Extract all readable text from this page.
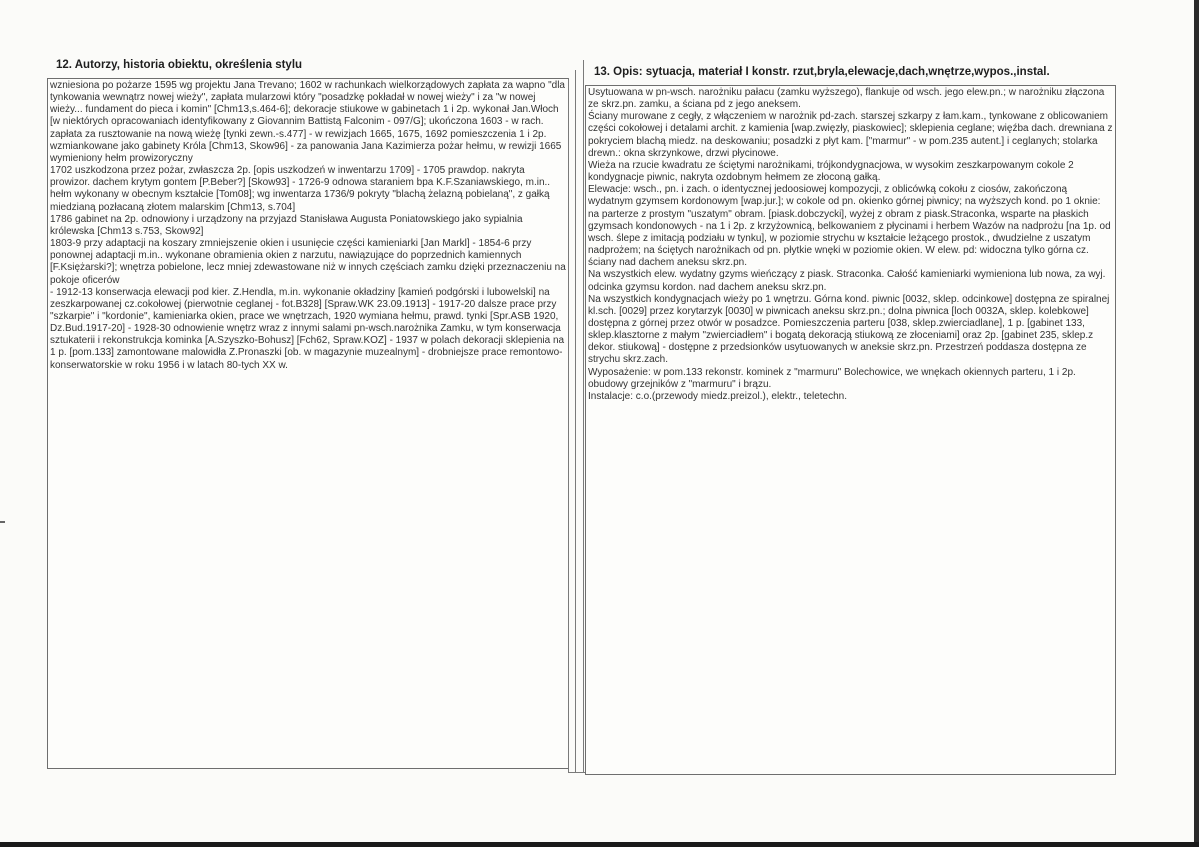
12. Autorzy, historia obiektu, określenia stylu

wzniesiona po pożarze 1595 wg projektu Jana Trevano; 1602 w rachunkach wielkorządowych zapłata za wapno "dla tynkowania wewnątrz nowej wieży", zapłata mularzowi który "posadzkę pokładał w nowej wieży" i za "w nowej wieży... fundament do pieca i komin" [Chm13,s.464-6]; dekoracje stiukowe w gabinetach 1 i 2p. wykonał Jan.Włoch [w niektórych opracowaniach identyfikowany z Giovannim Battistą Falconim - 097/G]; ukończona 1603 - w rach. zapłata za rusztowanie na nową wieżę [tynki zewn.-s.477] - w rewizjach 1665, 1675, 1692 pomieszczenia 1 i 2p. wzmiankowane jako gabinety Króla [Chm13, Skow96] - za panowania Jana Kazimierza pożar hełmu, w rewizji 1665 wymieniony hełm prowizoryczny

1702 uszkodzona przez pożar, zwłaszcza 2p. [opis uszkodzeń w inwentarzu 1709] - 1705 prawdop. nakryta prowizor. dachem krytym gontem [P.Beber?] [Skow93] - 1726-9 odnowa staraniem bpa K.F.Szaniawskiego, m.in.. hełm wykonany w obecnym kształcie [Tom08]; wg inwentarza 1736/9 pokryty "blachą żelazną pobielaną", z gałką miedzianą pozłacaną złotem malarskim [Chm13, s.704]

1786 gabinet na 2p. odnowiony i urządzony na przyjazd Stanisława Augusta Poniatowskiego jako sypialnia królewska [Chm13 s.753, Skow92]

1803-9 przy adaptacji na koszary zmniejszenie okien i usunięcie części kamieniarki [Jan Markl] - 1854-6 przy ponownej adaptacji m.in.. wykonane obramienia okien z narzutu, nawiązujące do poprzednich kamiennych [F.Księżarski?]; wnętrza pobielone, lecz mniej zdewastowane niż w innych częściach zamku dzięki przeznaczeniu na pokoje oficerów

- 1912-13 konserwacja elewacji pod kier. Z.Hendla, m.in. wykonanie okładziny [kamień podgórski i lubowelski] na zeszkarpowanej cz.cokołowej (pierwotnie ceglanej - fot.B328] [Spraw.WK 23.09.1913] - 1917-20 dalsze prace przy "szkarpie" i "kordonie", kamieniarka okien, prace we wnętrzach, 1920 wymiana hełmu, prawd. tynki [Spr.ASB 1920, Dz.Bud.1917-20] - 1928-30 odnowienie wnętrz wraz z innymi salami pn-wsch.narożnika Zamku, w tym konserwacja sztukaterii i rekonstrukcja kominka [A.Szyszko-Bohusz] [Fch62, Spraw.KOZ] - 1937 w polach dekoracji sklepienia na 1 p. [pom.133] zamontowane malowidła Z.Pronaszki [ob. w magazynie muzealnym] - drobniejsze prace remontowo-konserwatorskie w roku 1956 i w latach 80-tych XX w.

13. Opis: sytuacja, materiał I konstr. rzut,bryla,elewacje,dach,wnętrze,wypos.,instal.

Usytuowana w pn-wsch. narożniku pałacu (zamku wyższego), flankuje od wsch. jego elew.pn.; w narożniku złączona ze skrz.pn. zamku, a ściana pd z jego aneksem.

Ściany murowane z cegły, z włączeniem w narożnik pd-zach. starszej szkarpy z łam.kam., tynkowane z oblicowaniem części cokołowej i detalami archit. z kamienia [wap.zwięzły, piaskowiec]; sklepienia ceglane; więźba dach. drewniana z pokryciem blachą miedz. na deskowaniu; posadzki z płyt kam. ["marmur" - w pom.235 autent.] i ceglanych; stolarka drewn.: okna skrzynkowe, drzwi płycinowe.

Wieża na rzucie kwadratu ze ściętymi narożnikami, trójkondygnacjowa, w wysokim zeszkarpowanym cokole 2 kondygnacje piwnic, nakryta ozdobnym hełmem ze złoconą gałką.

Elewacje: wsch., pn. i zach. o identycznej jedoosiowej kompozycji, z oblicówką cokołu z ciosów, zakończoną wydatnym gzymsem kordonowym [wap.jur.]; w cokole od pn. okienko górnej piwnicy; na wyższych kond. po 1 oknie: na parterze z prostym "uszatym" obram. [piask.dobczycki], wyżej z obram z piask.Straconka, wsparte na płaskich gzymsach kondonowych - na 1 i 2p. z krzyżownicą, belkowaniem z płycinami i herbem Wazów na nadprożu [na 1p. od wsch. ślepe z imitacją podziału w tynku], w poziomie strychu w kształcie leżącego prostok., dwudzielne z uszatym nadprożem; na ściętych narożnikach od pn. płytkie wnęki w poziomie okien. W elew. pd: widoczna tylko górna cz. ściany nad dachem aneksu skrz.pn.

Na wszystkich elew. wydatny gzyms wieńczący z piask. Straconka. Całość kamieniarki wymieniona lub nowa, za wyj. odcinka gzymsu kordon. nad dachem aneksu skrz.pn.

Na wszystkich kondygnacjach wieży po 1 wnętrzu. Górna kond. piwnic [0032, sklep. odcinkowe] dostępna ze spiralnej kl.sch. [0029] przez korytarzyk [0030] w piwnicach aneksu skrz.pn.; dolna piwnica [loch 0032A, sklep. kolebkowe] dostępna z górnej przez otwór w posadzce. Pomieszczenia parteru [038, sklep.zwierciadlane], 1 p. [gabinet 133, sklep.klasztorne z małym "zwierciadłem" i bogatą dekoracją stiukową ze złoceniami] oraz 2p. [gabinet 235, sklep.z dekor. stiukową] - dostępne z przedsionków usytuowanych w aneksie skrz.pn. Przestrzeń poddasza dostępna ze strychu skrz.zach.

Wyposażenie: w pom.133 rekonstr. kominek z "marmuru" Bolechowice, we wnękach okiennych parteru, 1 i 2p. obudowy grzejników z "marmuru" i brązu.

Instalacje: c.o.(przewody miedz.preizol.), elektr., teletechn.
